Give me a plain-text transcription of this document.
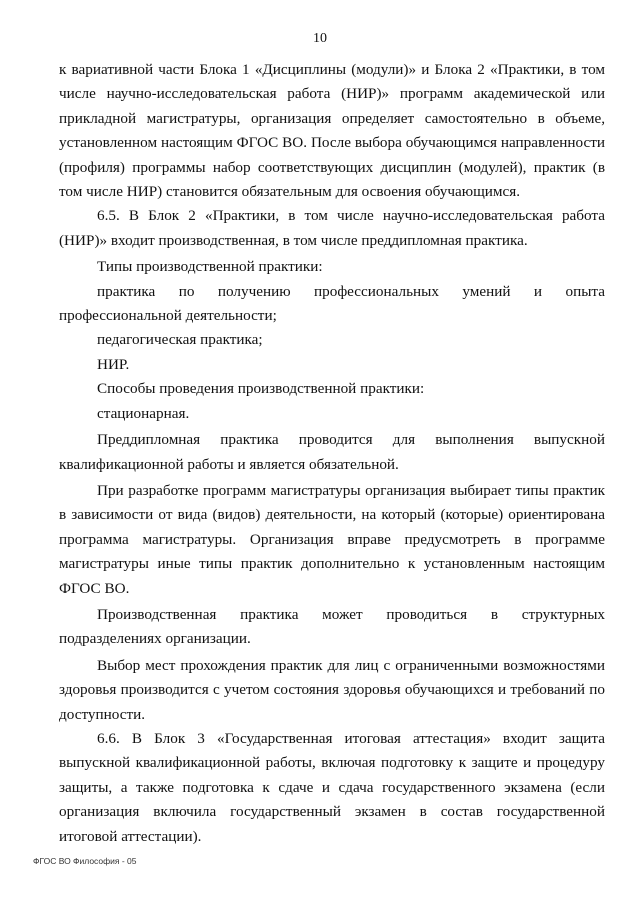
10

к вариативной части Блока 1 «Дисциплины (модули)» и Блока 2 «Практики, в том числе научно-исследовательская работа (НИР)» программ академической или прикладной магистратуры, организация определяет самостоятельно в объеме, установленном настоящим ФГОС ВО. После выбора обучающимся направленности (профиля) программы набор соответствующих дисциплин (модулей), практик (в том числе НИР) становится обязательным для освоения обучающимся.

6.5. В Блок 2 «Практики, в том числе научно-исследовательская работа (НИР)» входит производственная, в том числе преддипломная практика.

Типы производственной практики:

практика по получению профессиональных умений и опыта профессиональной деятельности;

педагогическая практика;

НИР.

Способы проведения производственной практики:

стационарная.

Преддипломная практика проводится для выполнения выпускной квалификационной работы и является обязательной.

При разработке программ магистратуры организация выбирает типы практик в зависимости от вида (видов) деятельности, на который (которые) ориентирована программа магистратуры. Организация вправе предусмотреть в программе магистратуры иные типы практик дополнительно к установленным настоящим ФГОС ВО.

Производственная практика может проводиться в структурных подразделениях организации.

Выбор мест прохождения практик для лиц с ограниченными возможностями здоровья производится с учетом состояния здоровья обучающихся и требований по доступности.

6.6. В Блок 3 «Государственная итоговая аттестация» входит защита выпускной квалификационной работы, включая подготовку к защите и процедуру защиты, а также подготовка к сдаче и сдача государственного экзамена (если организация включила государственный экзамен в состав государственной итоговой аттестации).

ФГОС ВО Философия - 05
